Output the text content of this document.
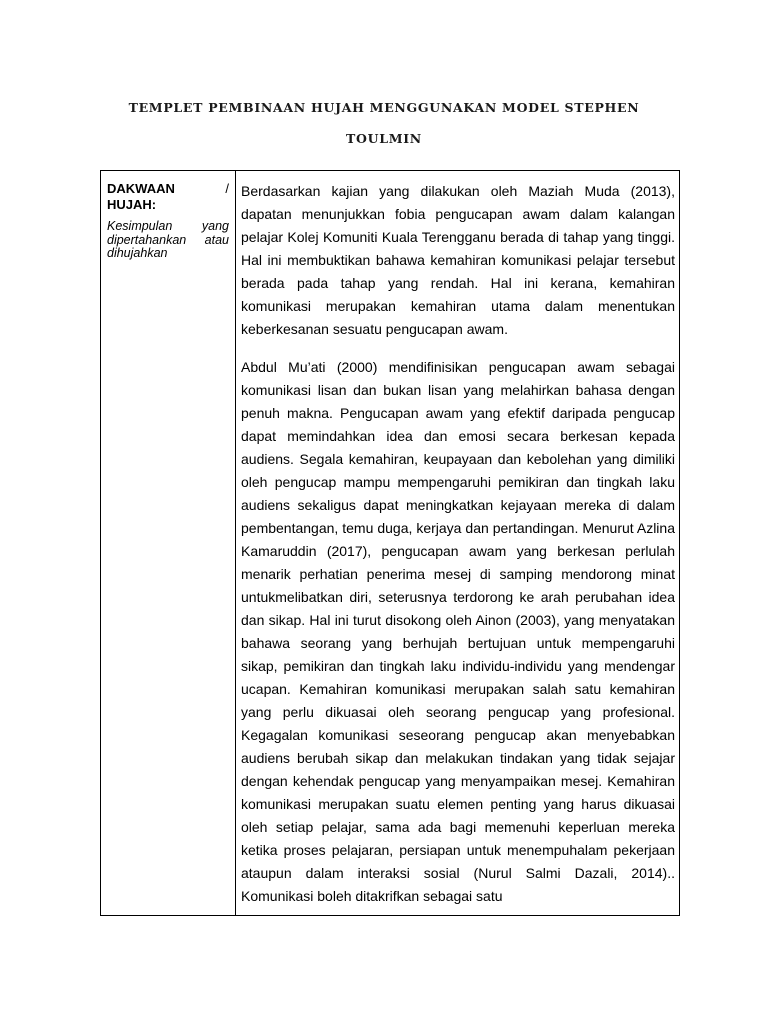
TEMPLET PEMBINAAN HUJAH MENGGUNAKAN MODEL STEPHEN TOULMIN
DAKWAAN	/

HUJAH:
Kesimpulan yang dipertahankan atau dihujahkan

Berdasarkan kajian yang dilakukan oleh Maziah Muda (2013), dapatan menunjukkan fobia pengucapan awam dalam kalangan pelajar Kolej Komuniti Kuala Terengganu berada di tahap yang tinggi. Hal ini membuktikan bahawa kemahiran komunikasi pelajar tersebut berada pada tahap yang rendah. Hal ini kerana, kemahiran komunikasi merupakan kemahiran utama dalam menentukan keberkesanan sesuatu pengucapan awam.

Abdul Mu’ati (2000) mendifinisikan pengucapan awam sebagai komunikasi lisan dan bukan lisan yang melahirkan bahasa dengan penuh makna. Pengucapan awam yang efektif daripada pengucap dapat memindahkan idea dan emosi secara berkesan kepada audiens. Segala kemahiran, keupayaan dan kebolehan yang dimiliki oleh pengucap mampu mempengaruhi pemikiran dan tingkah laku audiens sekaligus dapat meningkatkan kejayaan mereka di dalam pembentangan, temu duga, kerjaya dan pertandingan. Menurut Azlina Kamaruddin (2017), pengucapan awam yang berkesan perlulah menarik perhatian penerima mesej di samping mendorong minat untukmelibatkan diri, seterusnya terdorong ke arah perubahan idea dan sikap. Hal ini turut disokong oleh Ainon (2003), yang menyatakan bahawa seorang yang berhujah bertujuan untuk mempengaruhi sikap, pemikiran dan tingkah laku individu-individu yang mendengar ucapan. Kemahiran komunikasi merupakan salah satu kemahiran yang perlu dikuasai oleh seorang pengucap yang profesional. Kegagalan komunikasi seseorang pengucap akan menyebabkan audiens berubah sikap dan melakukan tindakan yang tidak sejajar dengan kehendak pengucap yang menyampaikan mesej. Kemahiran komunikasi merupakan suatu elemen penting yang harus dikuasai oleh setiap pelajar, sama ada bagi memenuhi keperluan mereka ketika proses pelajaran, persiapan untuk menempuhalam pekerjaan ataupun dalam interaksi sosial (Nurul Salmi Dazali, 2014).. Komunikasi boleh ditakrifkan sebagai satu
